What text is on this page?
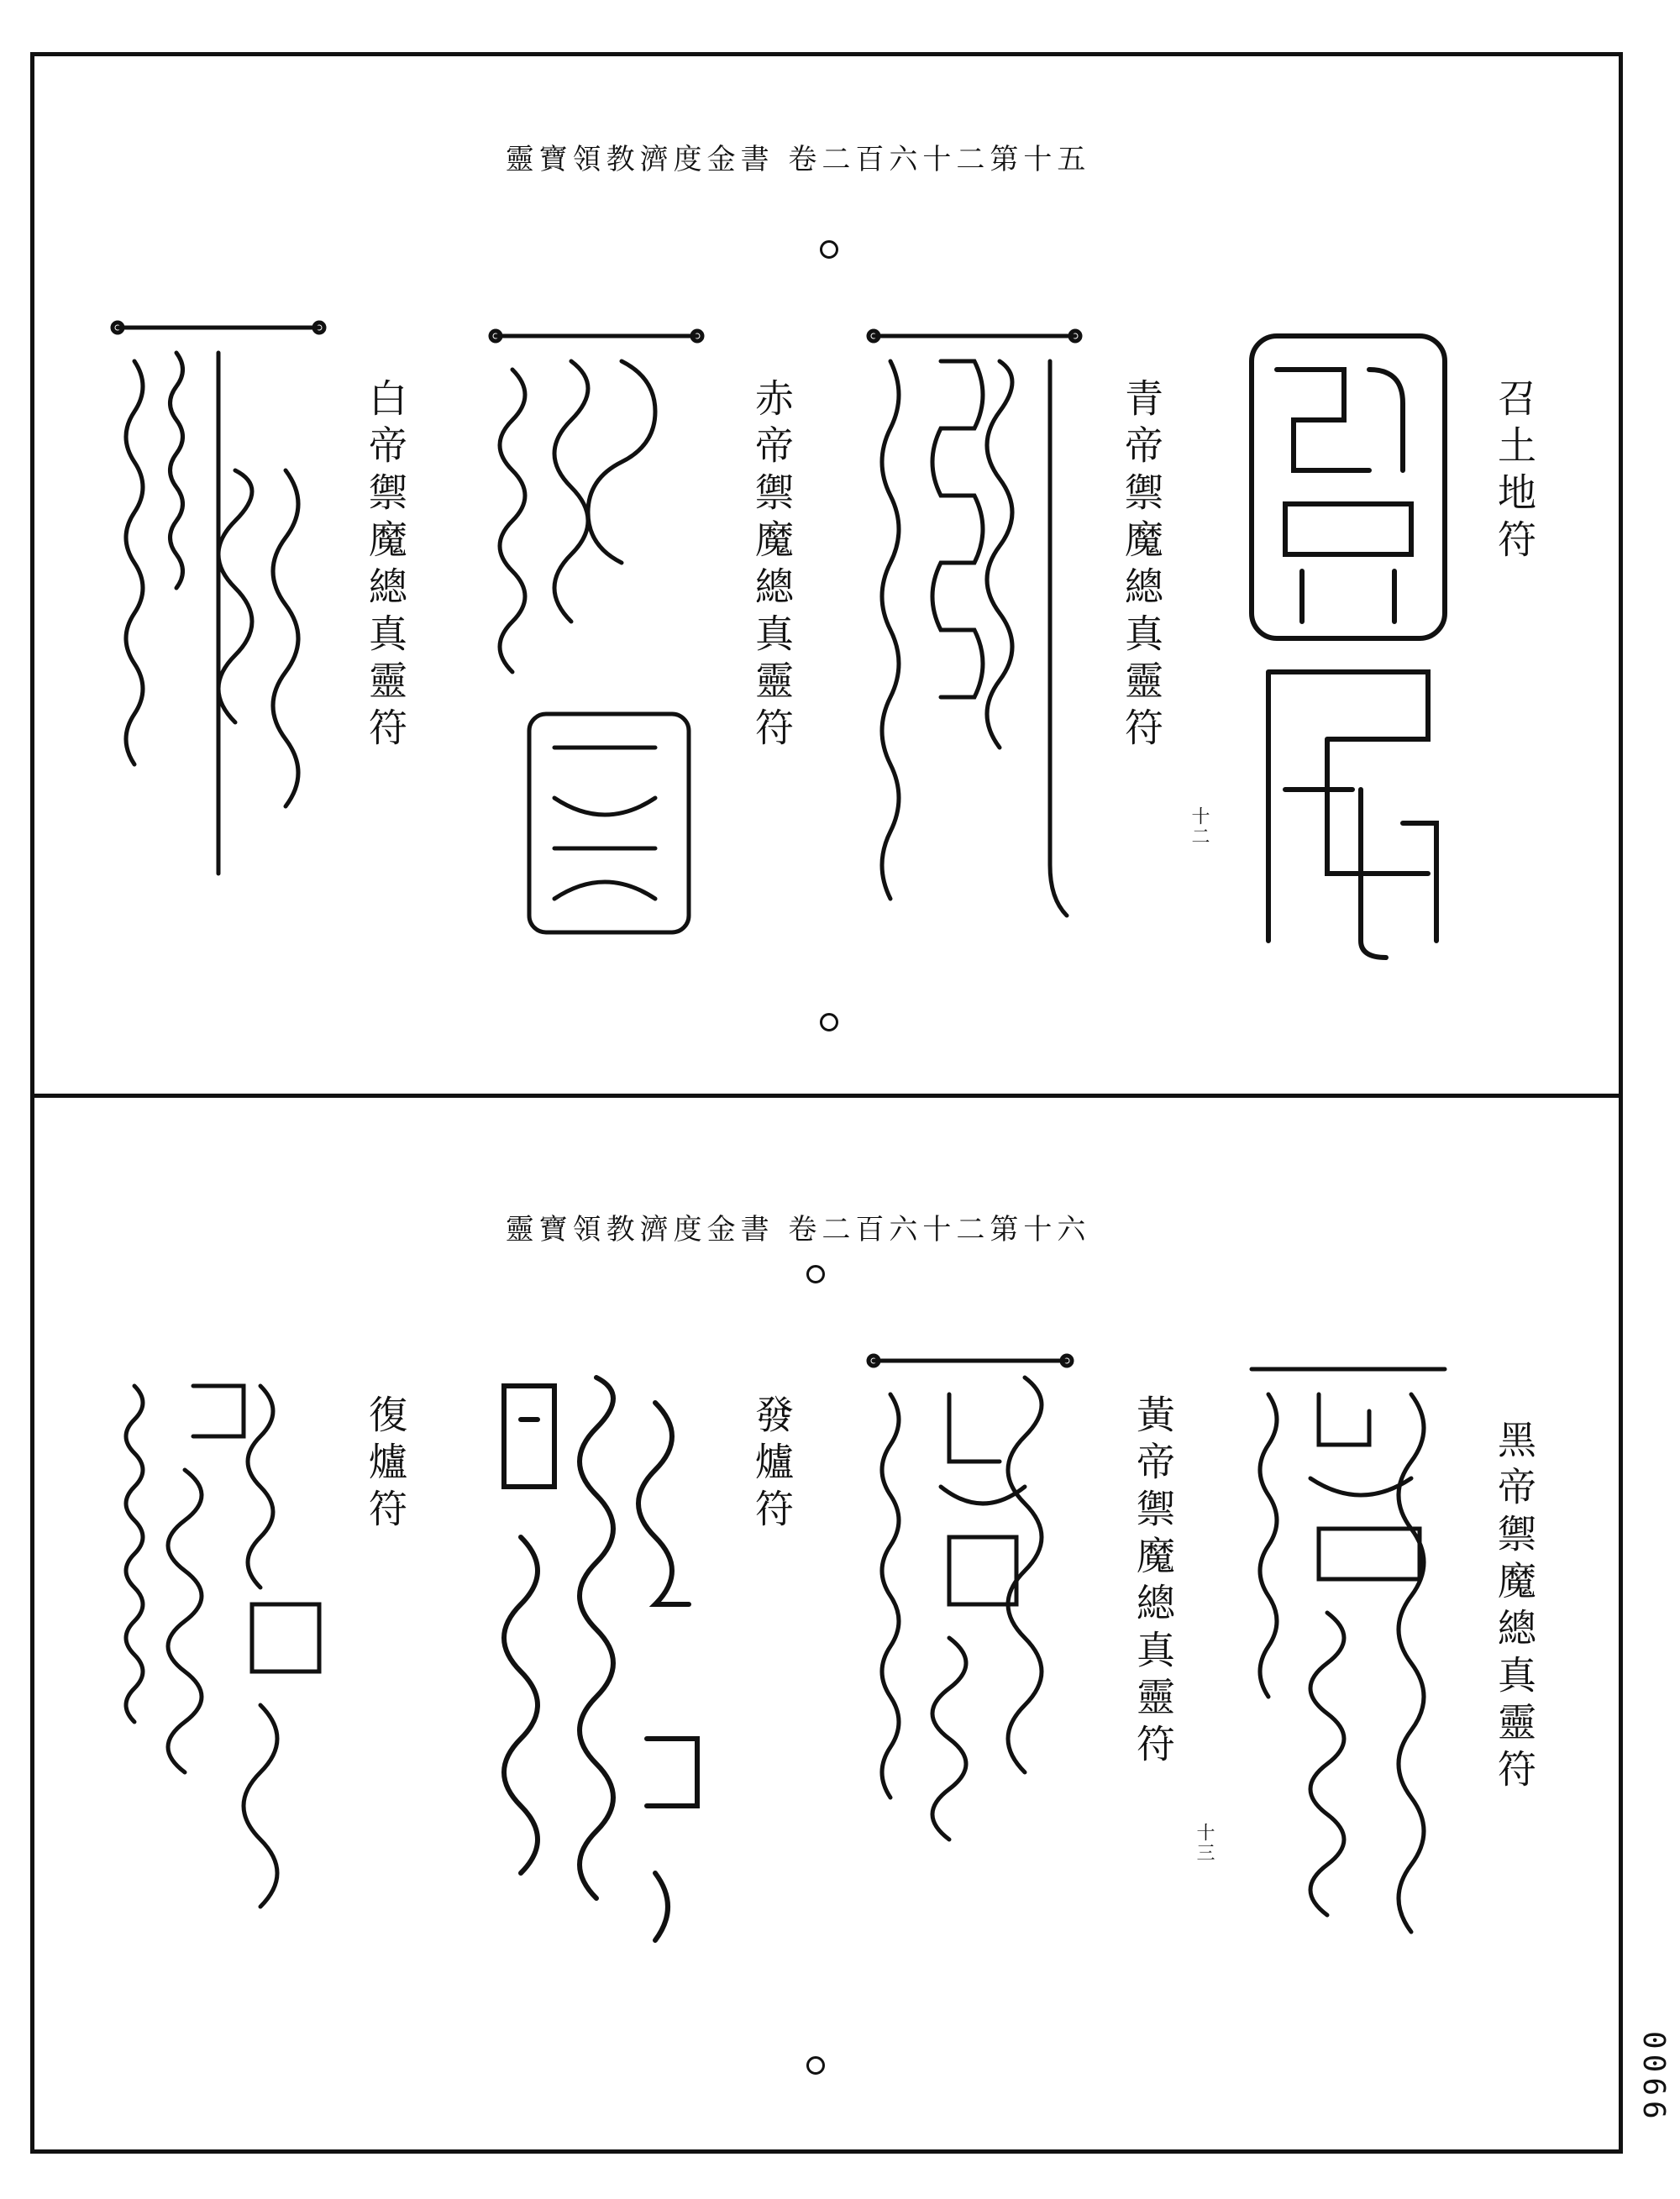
靈寶領教濟度金書 卷二百六十二第十五
召土地符
青帝禦魔總真靈符
十二
赤帝禦魔總真靈符
白帝禦魔總真靈符
靈寶領教濟度金書 卷二百六十二第十六
黑帝禦魔總真靈符
黃帝禦魔總真靈符
十三
發爐符
復爐符
0066
